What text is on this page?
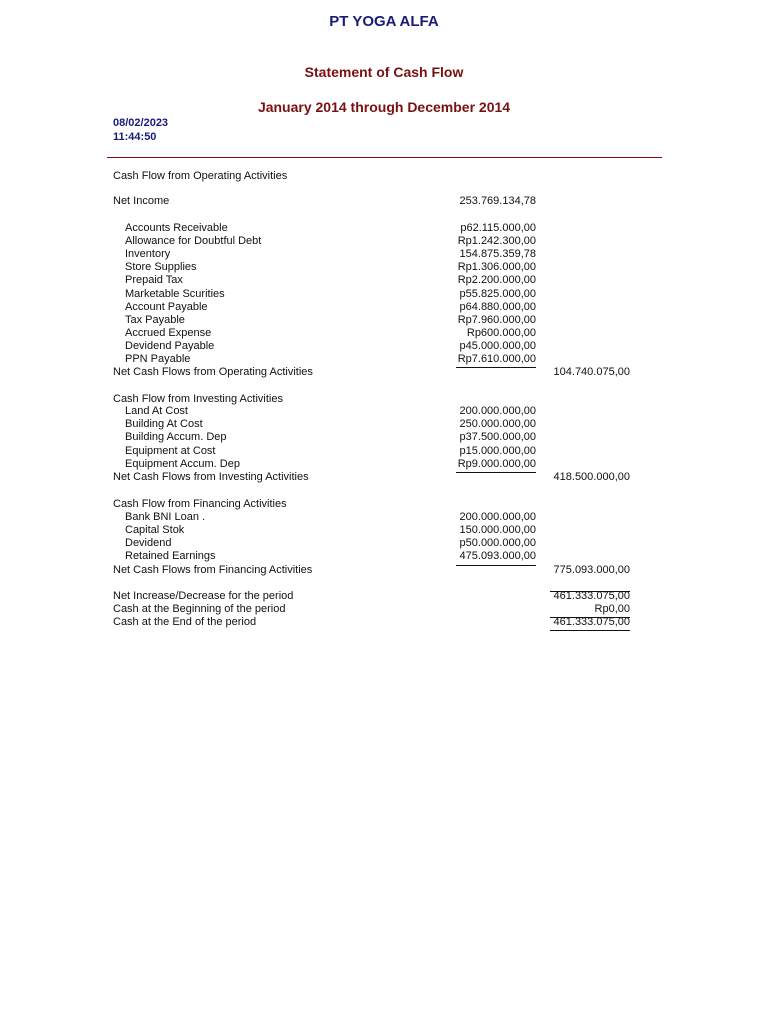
PT YOGA ALFA
Statement of Cash Flow
January 2014 through December 2014
08/02/2023
11:44:50
Cash Flow from Operating Activities
Net Income	253.769.134,78
Accounts Receivable	p62.115.000,00
Allowance for Doubtful Debt	Rp1.242.300,00
Inventory	154.875.359,78
Store Supplies	Rp1.306.000,00
Prepaid Tax	Rp2.200.000,00
Marketable Scurities	p55.825.000,00
Account Payable	p64.880.000,00
Tax Payable	Rp7.960.000,00
Accrued Expense	Rp600.000,00
Devidend Payable	p45.000.000,00
PPN Payable	Rp7.610.000,00
Net Cash Flows from Operating Activities	104.740.075,00
Cash Flow from Investing Activities
Land At Cost	200.000.000,00
Building At Cost	250.000.000,00
Building Accum. Dep	p37.500.000,00
Equipment at Cost	p15.000.000,00
Equipment Accum. Dep	Rp9.000.000,00
Net Cash Flows from Investing Activities	418.500.000,00
Cash Flow from Financing Activities
Bank BNI Loan .	200.000.000,00
Capital Stok	150.000.000,00
Devidend	p50.000.000,00
Retained Earnings	475.093.000,00
Net Cash Flows from Financing Activities	775.093.000,00
Net Increase/Decrease for the period	461.333.075,00
Cash at the Beginning of the period	Rp0,00
Cash at the End of the period	461.333.075,00
